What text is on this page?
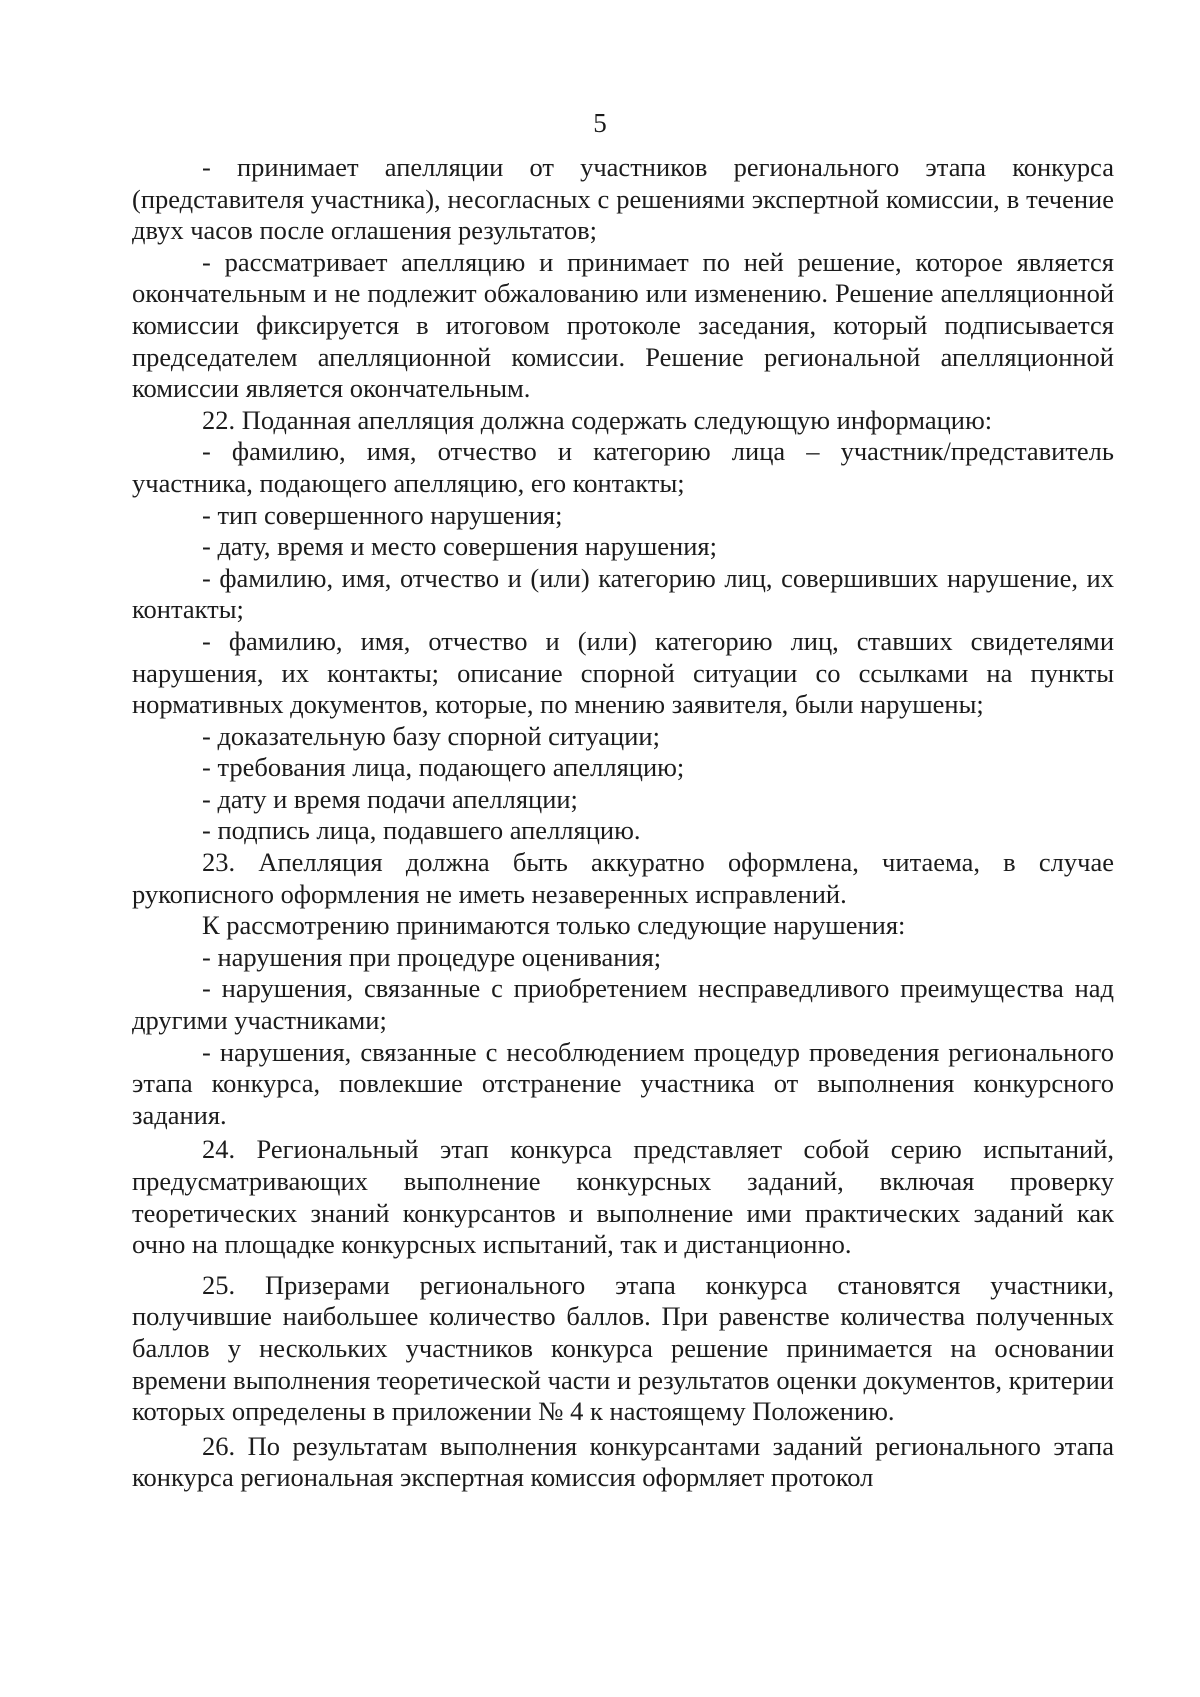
5

- принимает апелляции от участников регионального этапа конкурса (представителя участника), несогласных с решениями экспертной комиссии, в течение двух часов после оглашения результатов;

- рассматривает апелляцию и принимает по ней решение, которое является окончательным и не подлежит обжалованию или изменению. Решение апелляционной комиссии фиксируется в итоговом протоколе заседания, который подписывается председателем апелляционной комиссии. Решение региональной апелляционной комиссии является окончательным.

22. Поданная апелляция должна содержать следующую информацию:

- фамилию, имя, отчество и категорию лица – участник/представитель участника, подающего апелляцию, его контакты;

- тип совершенного нарушения;

- дату, время и место совершения нарушения;

- фамилию, имя, отчество и (или) категорию лиц, совершивших нарушение, их контакты;

- фамилию, имя, отчество и (или) категорию лиц, ставших свидетелями нарушения, их контакты; описание спорной ситуации со ссылками на пункты нормативных документов, которые, по мнению заявителя, были нарушены;

- доказательную базу спорной ситуации;

- требования лица, подающего апелляцию;

- дату и время подачи апелляции;

- подпись лица, подавшего апелляцию.

23. Апелляция должна быть аккуратно оформлена, читаема, в случае рукописного оформления не иметь незаверенных исправлений.

К рассмотрению принимаются только следующие нарушения:

- нарушения при процедуре оценивания;

- нарушения, связанные с приобретением несправедливого преимущества над другими участниками;

- нарушения, связанные с несоблюдением процедур проведения регионального этапа конкурса, повлекшие отстранение участника от выполнения конкурсного задания.

24. Региональный этап конкурса представляет собой серию испытаний, предусматривающих выполнение конкурсных заданий, включая проверку теоретических знаний конкурсантов и выполнение ими практических заданий как очно на площадке конкурсных испытаний, так и дистанционно.

25. Призерами регионального этапа конкурса становятся участники, получившие наибольшее количество баллов. При равенстве количества полученных баллов у нескольких участников конкурса решение принимается на основании времени выполнения теоретической части и результатов оценки документов, критерии которых определены в приложении № 4 к настоящему Положению.

26. По результатам выполнения конкурсантами заданий регионального этапа конкурса региональная экспертная комиссия оформляет протокол
